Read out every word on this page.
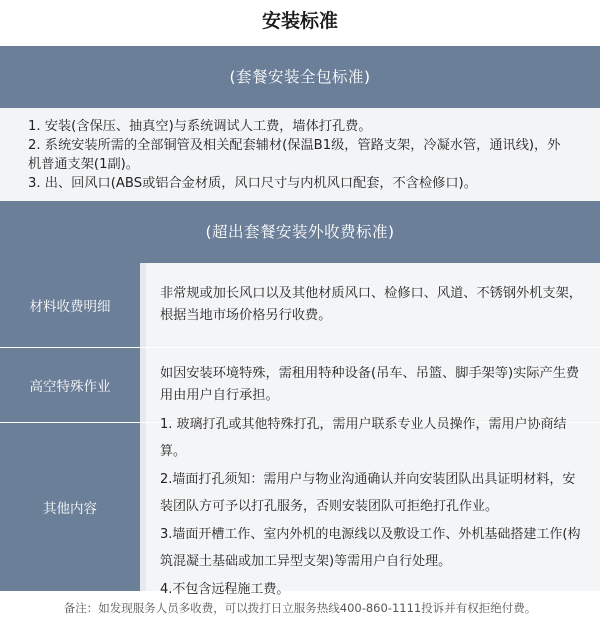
安装标准
(套餐安装全包标准)

1. 安装(含保压、抽真空)与系统调试人工费，墙体打孔费。

2. 系统安装所需的全部铜管及相关配套辅材(保温B1级，管路支架，冷凝水管，通讯线)，外机普通支架(1副)。

3. 出、回风口(ABS或铝合金材质，风口尺寸与内机风口配套，不含检修口)。

(超出套餐安装外收费标准)
材料收费明细

非常规或加长风口以及其他材质风口、检修口、风道、不锈钢外机支架，根据当地市场价格另行收费。

高空特殊作业

如因安装环境特殊，需租用特种设备(吊车、吊篮、脚手架等)实际产生费用由用户自行承担。

其他内容

1. 玻璃打孔或其他特殊打孔，需用户联系专业人员操作，需用户协商结算。

2.墙面打孔须知：需用户与物业沟通确认并向安装团队出具证明材料，安装团队方可予以打孔服务，否则安装团队可拒绝打孔作业。

3.墙面开槽工作、室内外机的电源线以及敷设工作、外机基础搭建工作(构筑混凝土基础或加工异型支架)等需用户自行处理。

4.不包含远程施工费。

备注：如发现服务人员多收费，可以拨打日立服务热线400-860-1111投诉并有权拒绝付费。
